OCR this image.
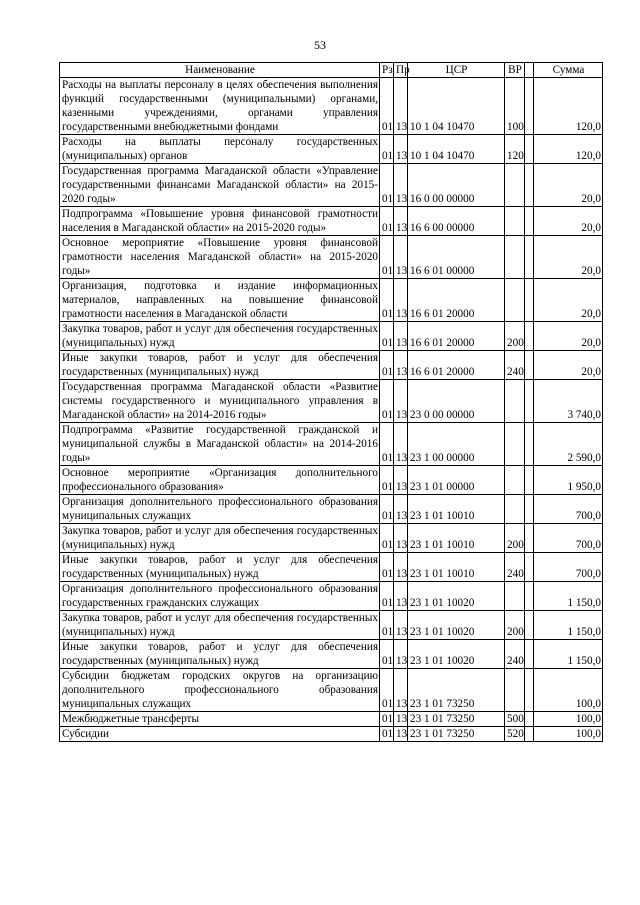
53
Наименование	Рз	Пр	ЦСР	ВР		Сумма
Расходы на выплаты персоналу в целях обеспечения выполнения функций государственными (муниципальными) органами, казенными учреждениями, органами управления государственными внебюджетными фондами	01	13	10 1 04 10470	100		120,0
Расходы на выплаты персоналу государственных (муниципальных) органов	01	13	10 1 04 10470	120		120,0
Государственная программа Магаданской области «Управление государственными финансами Магаданской области» на 2015-2020 годы»	01	13	16 0 00 00000			20,0
Подпрограмма «Повышение уровня финансовой грамотности населения в Магаданской области» на 2015-2020 годы»	01	13	16 6 00 00000			20,0
Основное мероприятие «Повышение уровня финансовой грамотности населения Магаданской области» на 2015-2020 годы»	01	13	16 6 01 00000			20,0
Организация, подготовка и издание информационных материалов, направленных на повышение финансовой грамотности населения в Магаданской области	01	13	16 6 01 20000			20,0
Закупка товаров, работ и услуг для обеспечения государственных (муниципальных) нужд	01	13	16 6 01 20000	200		20,0
Иные закупки товаров, работ и услуг для обеспечения государственных (муниципальных) нужд	01	13	16 6 01 20000	240		20,0
Государственная программа Магаданской области «Развитие системы государственного и муниципального управления в Магаданской области» на 2014-2016 годы»	01	13	23 0 00 00000			3 740,0
Подпрограмма «Развитие государственной гражданской и муниципальной службы в Магаданской области» на 2014-2016 годы»	01	13	23 1 00 00000			2 590,0
Основное мероприятие «Организация дополнительного профессионального образования»	01	13	23 1 01 00000			1 950,0
Организация дополнительного профессионального образования муниципальных служащих	01	13	23 1 01 10010			700,0
Закупка товаров, работ и услуг для обеспечения государственных (муниципальных) нужд	01	13	23 1 01 10010	200		700,0
Иные закупки товаров, работ и услуг для обеспечения государственных (муниципальных) нужд	01	13	23 1 01 10010	240		700,0
Организация дополнительного профессионального образования государственных гражданских служащих	01	13	23 1 01 10020			1 150,0
Закупка товаров, работ и услуг для обеспечения государственных (муниципальных) нужд	01	13	23 1 01 10020	200		1 150,0
Иные закупки товаров, работ и услуг для обеспечения государственных (муниципальных) нужд	01	13	23 1 01 10020	240		1 150,0
Субсидии бюджетам городских округов на организацию дополнительного профессионального образования муниципальных служащих	01	13	23 1 01 73250			100,0
Межбюджетные трансферты	01	13	23 1 01 73250	500		100,0
Субсидии	01	13	23 1 01 73250	520		100,0
